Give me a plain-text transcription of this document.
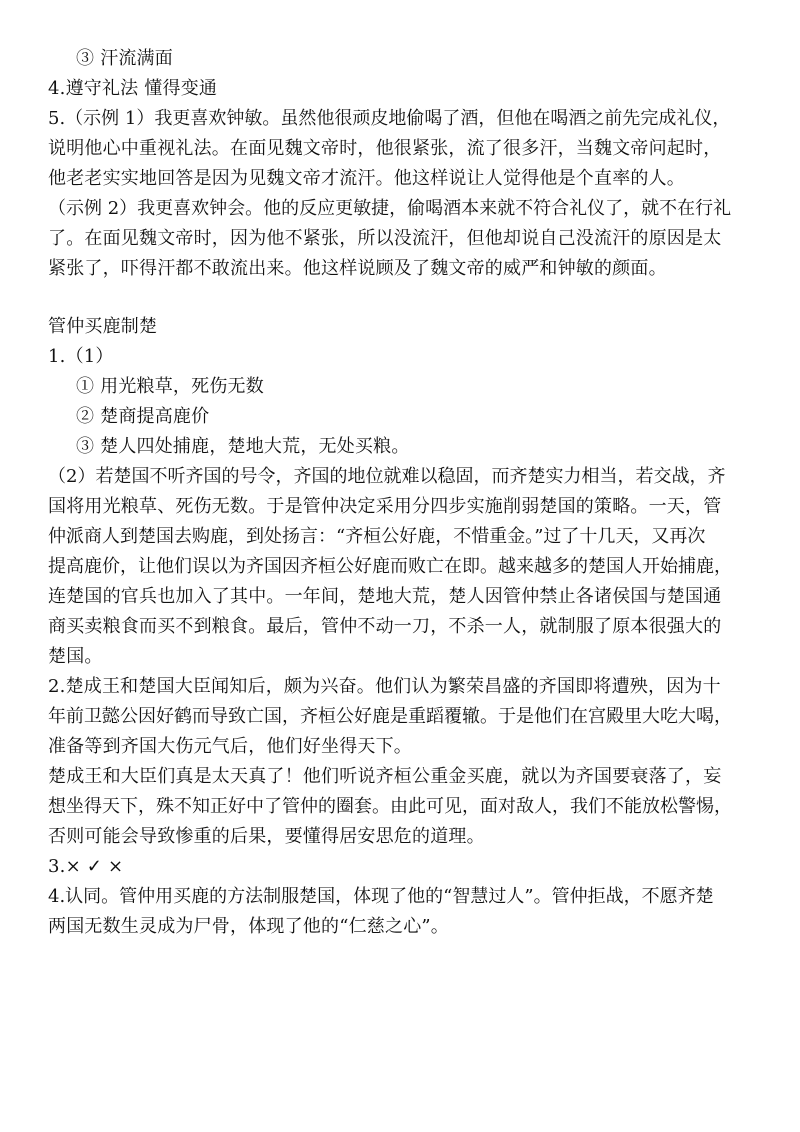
③ 汗流满面
4.遵守礼法 懂得变通
5.（示例 1）我更喜欢钟敏。虽然他很顽皮地偷喝了酒，但他在喝酒之前先完成礼仪，
说明他心中重视礼法。在面见魏文帝时，他很紧张，流了很多汗，当魏文帝问起时，
他老老实实地回答是因为见魏文帝才流汗。他这样说让人觉得他是个直率的人。
（示例 2）我更喜欢钟会。他的反应更敏捷，偷喝酒本来就不符合礼仪了，就不在行礼
了。在面见魏文帝时，因为他不紧张，所以没流汗，但他却说自己没流汗的原因是太
紧张了，吓得汗都不敢流出来。他这样说顾及了魏文帝的威严和钟敏的颜面。
管仲买鹿制楚
1.（1）
① 用光粮草，死伤无数
② 楚商提高鹿价
③ 楚人四处捕鹿，楚地大荒，无处买粮。
（2）若楚国不听齐国的号令，齐国的地位就难以稳固，而齐楚实力相当，若交战，齐
国将用光粮草、死伤无数。于是管仲决定采用分四步实施削弱楚国的策略。一天，管
仲派商人到楚国去购鹿，到处扬言：“齐桓公好鹿，不惜重金。”过了十几天，又再次
提高鹿价，让他们误以为齐国因齐桓公好鹿而败亡在即。越来越多的楚国人开始捕鹿，
连楚国的官兵也加入了其中。一年间，楚地大荒，楚人因管仲禁止各诸侯国与楚国通
商买卖粮食而买不到粮食。最后，管仲不动一刀，不杀一人，就制服了原本很强大的
楚国。
2.楚成王和楚国大臣闻知后，颇为兴奋。他们认为繁荣昌盛的齐国即将遭殃，因为十
年前卫懿公因好鹤而导致亡国，齐桓公好鹿是重蹈覆辙。于是他们在宫殿里大吃大喝，
准备等到齐国大伤元气后，他们好坐得天下。
楚成王和大臣们真是太天真了！他们听说齐桓公重金买鹿，就以为齐国要衰落了，妄
想坐得天下，殊不知正好中了管仲的圈套。由此可见，面对敌人，我们不能放松警惕，
否则可能会导致惨重的后果，要懂得居安思危的道理。
3.× ✓ ×
4.认同。管仲用买鹿的方法制服楚国，体现了他的“智慧过人”。管仲拒战，不愿齐楚
两国无数生灵成为尸骨，体现了他的“仁慈之心”。
